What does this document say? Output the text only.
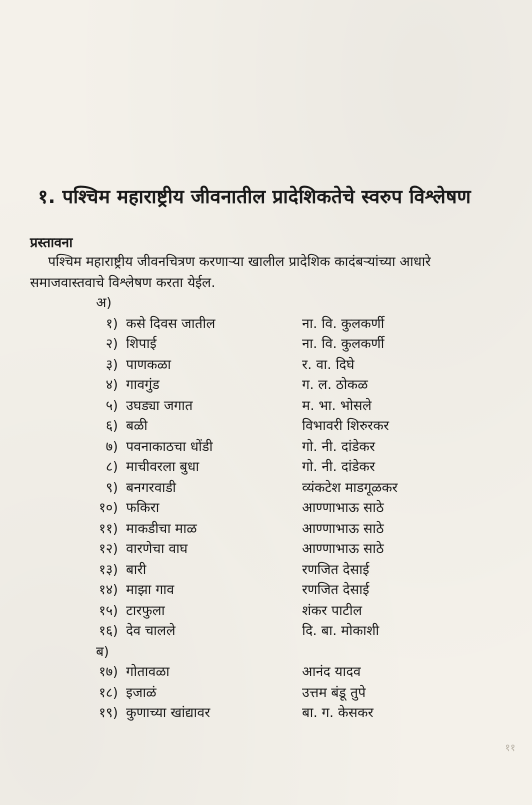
१. पश्चिम महाराष्ट्रीय जीवनातील प्रादेशिकतेचे स्वरुप विश्लेषण
प्रस्तावना
पश्चिम महाराष्ट्रीय जीवनचित्रण करणाऱ्या खालील प्रादेशिक कादंबऱ्यांच्या आधारे
समाजवास्तवाचे विश्लेषण करता येईल.
अ)
१) कसे दिवस जातील	ना. वि. कुलकर्णी
२) शिपाई	ना. वि. कुलकर्णी
३) पाणकळा	र. वा. दिघे
४) गावगुंड	ग. ल. ठोकळ
५) उघड्या जगात	म. भा. भोसले
६) बळी	विभावरी शिरुरकर
७) पवनाकाठचा धोंडी	गो. नी. दांडेकर
८) माचीवरला बुधा	गो. नी. दांडेकर
९) बनगरवाडी	व्यंकटेश माडगूळकर
१०) फकिरा	आण्णाभाऊ साठे
११) माकडीचा माळ	आण्णाभाऊ साठे
१२) वारणेचा वाघ	आण्णाभाऊ साठे
१३) बारी	रणजित देसाई
१४) माझा गाव	रणजित देसाई
१५) टारफुला	शंकर पाटील
१६) देव चालले	दि. बा. मोकाशी
ब)
१७) गोतावळा	आनंद यादव
१८) इजाळं	उत्तम बंडू तुपे
१९) कुणाच्या खांद्यावर	बा. ग. केसकर
११
